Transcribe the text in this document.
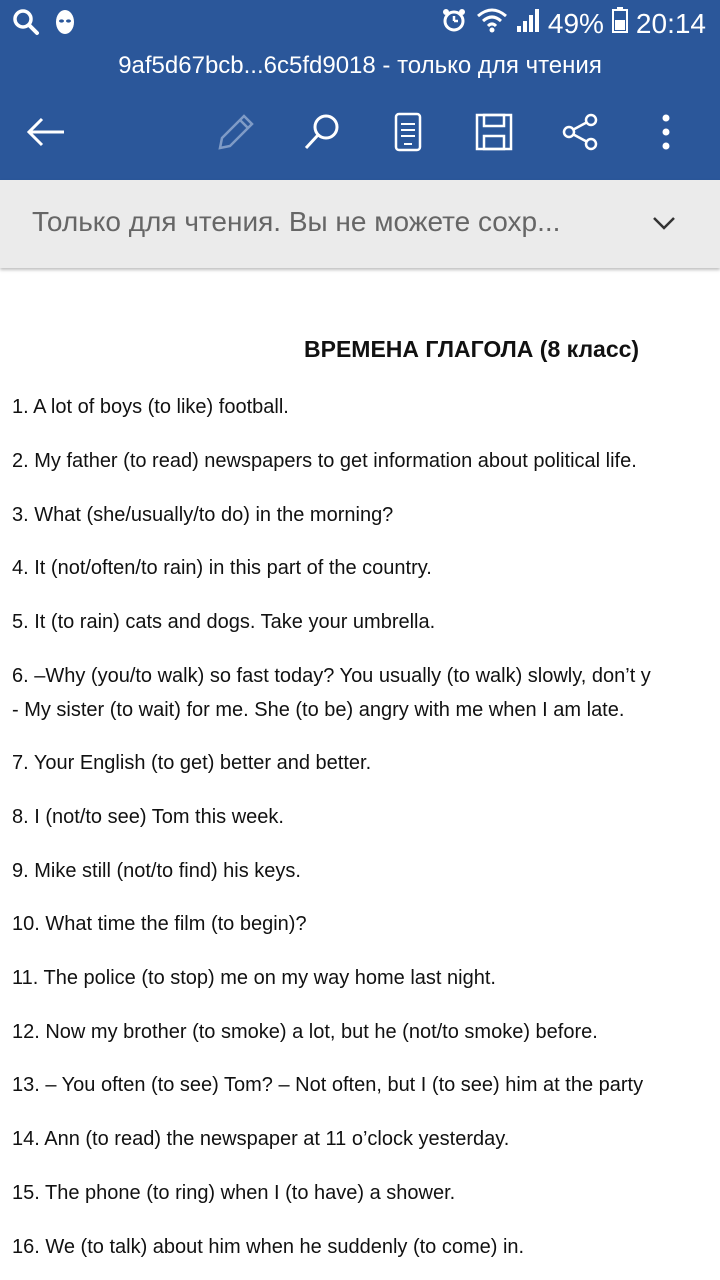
49% 20:14
9af5d67bcb...6c5fd9018 - только для чтения
Только для чтения. Вы не можете сохр...
ВРЕМЕНА ГЛАГОЛА (8 класс)
1. A lot of boys (to like) football.
2. My father (to read) newspapers to get information about political life.
3. What (she/usually/to do) in the morning?
4. It (not/often/to rain) in this part of the country.
5. It (to rain) cats and dogs. Take your umbrella.
6. –Why (you/to walk) so fast today? You usually (to walk) slowly, don’t y
- My sister (to wait) for me. She (to be) angry with me when I am late.
7. Your English (to get) better and better.
8. I (not/to see) Tom this week.
9. Mike still (not/to find) his keys.
10. What time the film (to begin)?
11. The police (to stop) me on my way home last night.
12. Now my brother (to smoke) a lot, but he (not/to smoke) before.
13. – You often (to see) Tom? – Not often, but I (to see) him at the party
14. Ann (to read) the newspaper at 11 o’clock yesterday.
15. The phone (to ring) when I (to have) a shower.
16. We (to talk) about him when he suddenly (to come) in.
